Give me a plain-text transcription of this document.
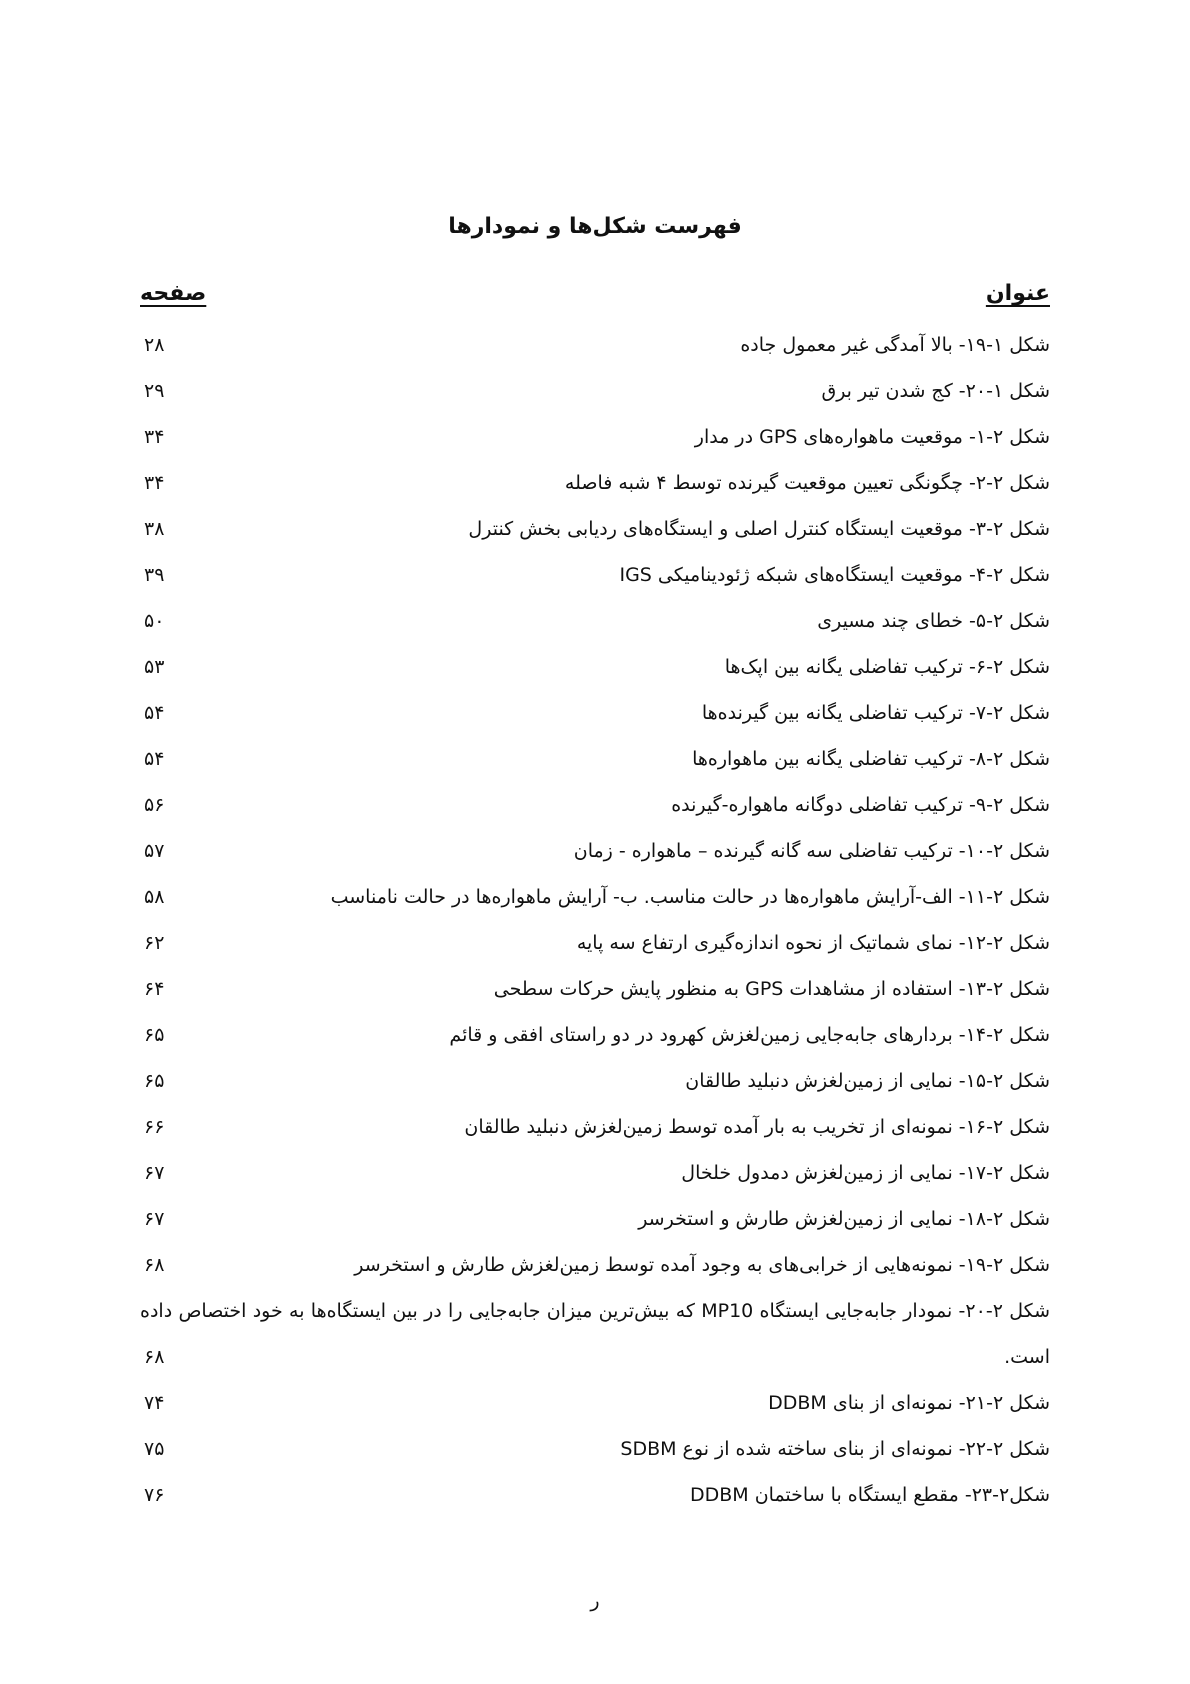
فهرست شکل‌ها و نمودارها
عنوان
صفحه
شکل ۱-۱۹- بالا آمدگی غیر معمول جاده
۲۸
شکل ۱-۲۰- کج شدن تیر برق
۲۹
شکل ۲-۱- موقعیت ماهواره‌های GPS در مدار
۳۴
شکل ۲-۲- چگونگی تعیین موقعیت گیرنده توسط ۴ شبه فاصله
۳۴
شکل ۲-۳- موقعیت ایستگاه کنترل اصلی و ایستگاه‌های ردیابی بخش کنترل
۳۸
شکل ۲-۴- موقعیت ایستگاه‌های شبکه ژئودینامیکی IGS
۳۹
شکل ۲-۵- خطای چند مسیری
۵۰
شکل ۲-۶- ترکیب تفاضلی یگانه بین اپک‌ها
۵۳
شکل ۲-۷- ترکیب تفاضلی یگانه بین گیرنده‌ها
۵۴
شکل ۲-۸- ترکیب تفاضلی یگانه بین ماهواره‌ها
۵۴
شکل ۲-۹- ترکیب تفاضلی دوگانه ماهواره-گیرنده
۵۶
شکل ۲-۱۰- ترکیب تفاضلی سه گانه گیرنده – ماهواره - زمان
۵۷
شکل ۲-۱۱- الف-آرایش ماهواره‌ها در حالت مناسب. ب- آرایش ماهواره‌ها در حالت نامناسب
۵۸
شکل ۲-۱۲- نمای شماتیک از نحوه اندازه‌گیری ارتفاع سه پایه
۶۲
شکل ۲-۱۳- استفاده از مشاهدات GPS به منظور پایش حرکات سطحی
۶۴
شکل ۲-۱۴- بردارهای جابه‌جایی زمین‌لغزش کهرود در دو راستای افقی و قائم
۶۵
شکل ۲-۱۵- نمایی از زمین‌لغزش دنبلید طالقان
۶۵
شکل ۲-۱۶- نمونه‌ای از تخریب به بار آمده توسط زمین‌لغزش دنبلید طالقان
۶۶
شکل ۲-۱۷- نمایی از زمین‌لغزش دمدول خلخال
۶۷
شکل ۲-۱۸- نمایی از زمین‌لغزش طارش و استخرسر
۶۷
شکل ۲-۱۹- نمونه‌هایی از خرابی‌های به وجود آمده توسط زمین‌لغزش طارش و استخرسر
۶۸
شکل ۲-۲۰- نمودار جابه‌جایی ایستگاه MP10 که بیش‌ترین میزان جابه‌جایی را در بین ایستگاه‌ها به خود اختصاص داده است.
۶۸
شکل ۲-۲۱- نمونه‌ای از بنای DDBM
۷۴
شکل ۲-۲۲- نمونه‌ای از بنای ساخته شده از نوع SDBM
۷۵
شکل۲-۲۳- مقطع ایستگاه با ساختمان DDBM
۷۶
ر
